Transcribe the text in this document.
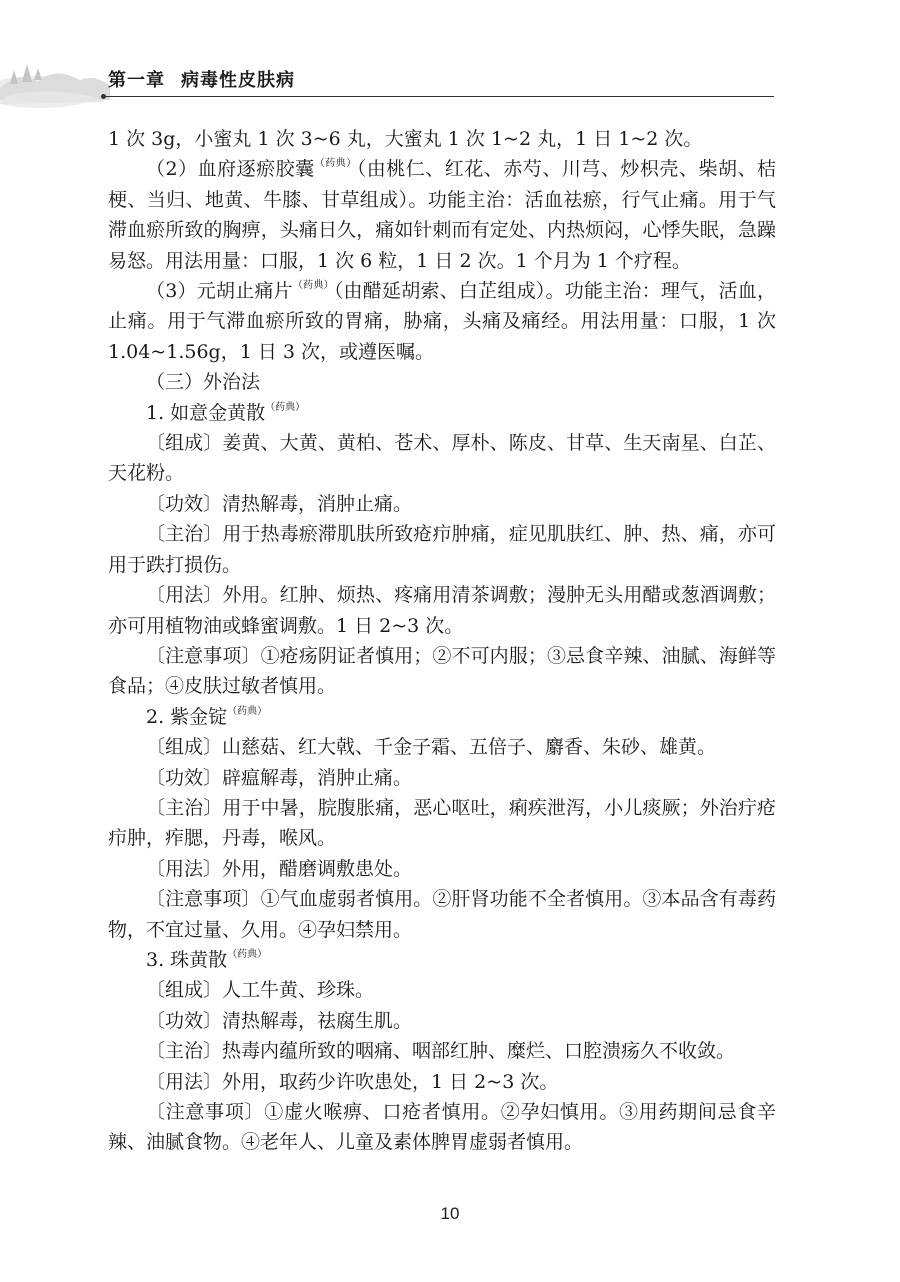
第一章 病毒性皮肤病

1 次 3g，小蜜丸 1 次 3~6 丸，大蜜丸 1 次 1~2 丸，1 日 1~2 次。

（2）血府逐瘀胶囊$^{(药典)}$（由桃仁、红花、赤芍、川芎、炒枳壳、柴胡、桔梗、当归、地黄、牛膝、甘草组成）。功能主治：活血祛瘀，行气止痛。用于气滞血瘀所致的胸痹，头痛日久，痛如针刺而有定处、内热烦闷，心悸失眠，急躁易怒。用法用量：口服，1 次 6 粒，1 日 2 次。1 个月为 1 个疗程。

（3）元胡止痛片$^{(药典)}$（由醋延胡索、白芷组成）。功能主治：理气，活血，止痛。用于气滞血瘀所致的胃痛，胁痛，头痛及痛经。用法用量：口服，1 次 1.04~1.56g，1 日 3 次，或遵医嘱。

（三）外治法

1. 如意金黄散$^{(药典)}$

〔组成〕姜黄、大黄、黄柏、苍术、厚朴、陈皮、甘草、生天南星、白芷、天花粉。

〔功效〕清热解毒，消肿止痛。

〔主治〕用于热毒瘀滞肌肤所致疮疖肿痛，症见肌肤红、肿、热、痛，亦可用于跌打损伤。

〔用法〕外用。红肿、烦热、疼痛用清茶调敷；漫肿无头用醋或葱酒调敷；亦可用植物油或蜂蜜调敷。1 日 2~3 次。

〔注意事项〕①疮疡阴证者慎用；②不可内服；③忌食辛辣、油腻、海鲜等食品；④皮肤过敏者慎用。

2. 紫金锭$^{(药典)}$

〔组成〕山慈菇、红大戟、千金子霜、五倍子、麝香、朱砂、雄黄。

〔功效〕辟瘟解毒，消肿止痛。

〔主治〕用于中暑，脘腹胀痛，恶心呕吐，痢疾泄泻，小儿痰厥；外治疔疮疖肿，痄腮，丹毒，喉风。

〔用法〕外用，醋磨调敷患处。

〔注意事项〕①气血虚弱者慎用。②肝肾功能不全者慎用。③本品含有毒药物，不宜过量、久用。④孕妇禁用。

3. 珠黄散$^{(药典)}$

〔组成〕人工牛黄、珍珠。

〔功效〕清热解毒，祛腐生肌。

〔主治〕热毒内蕴所致的咽痛、咽部红肿、糜烂、口腔溃疡久不收敛。

〔用法〕外用，取药少许吹患处，1 日 2~3 次。

〔注意事项〕①虚火喉痹、口疮者慎用。②孕妇慎用。③用药期间忌食辛辣、油腻食物。④老年人、儿童及素体脾胃虚弱者慎用。

10
